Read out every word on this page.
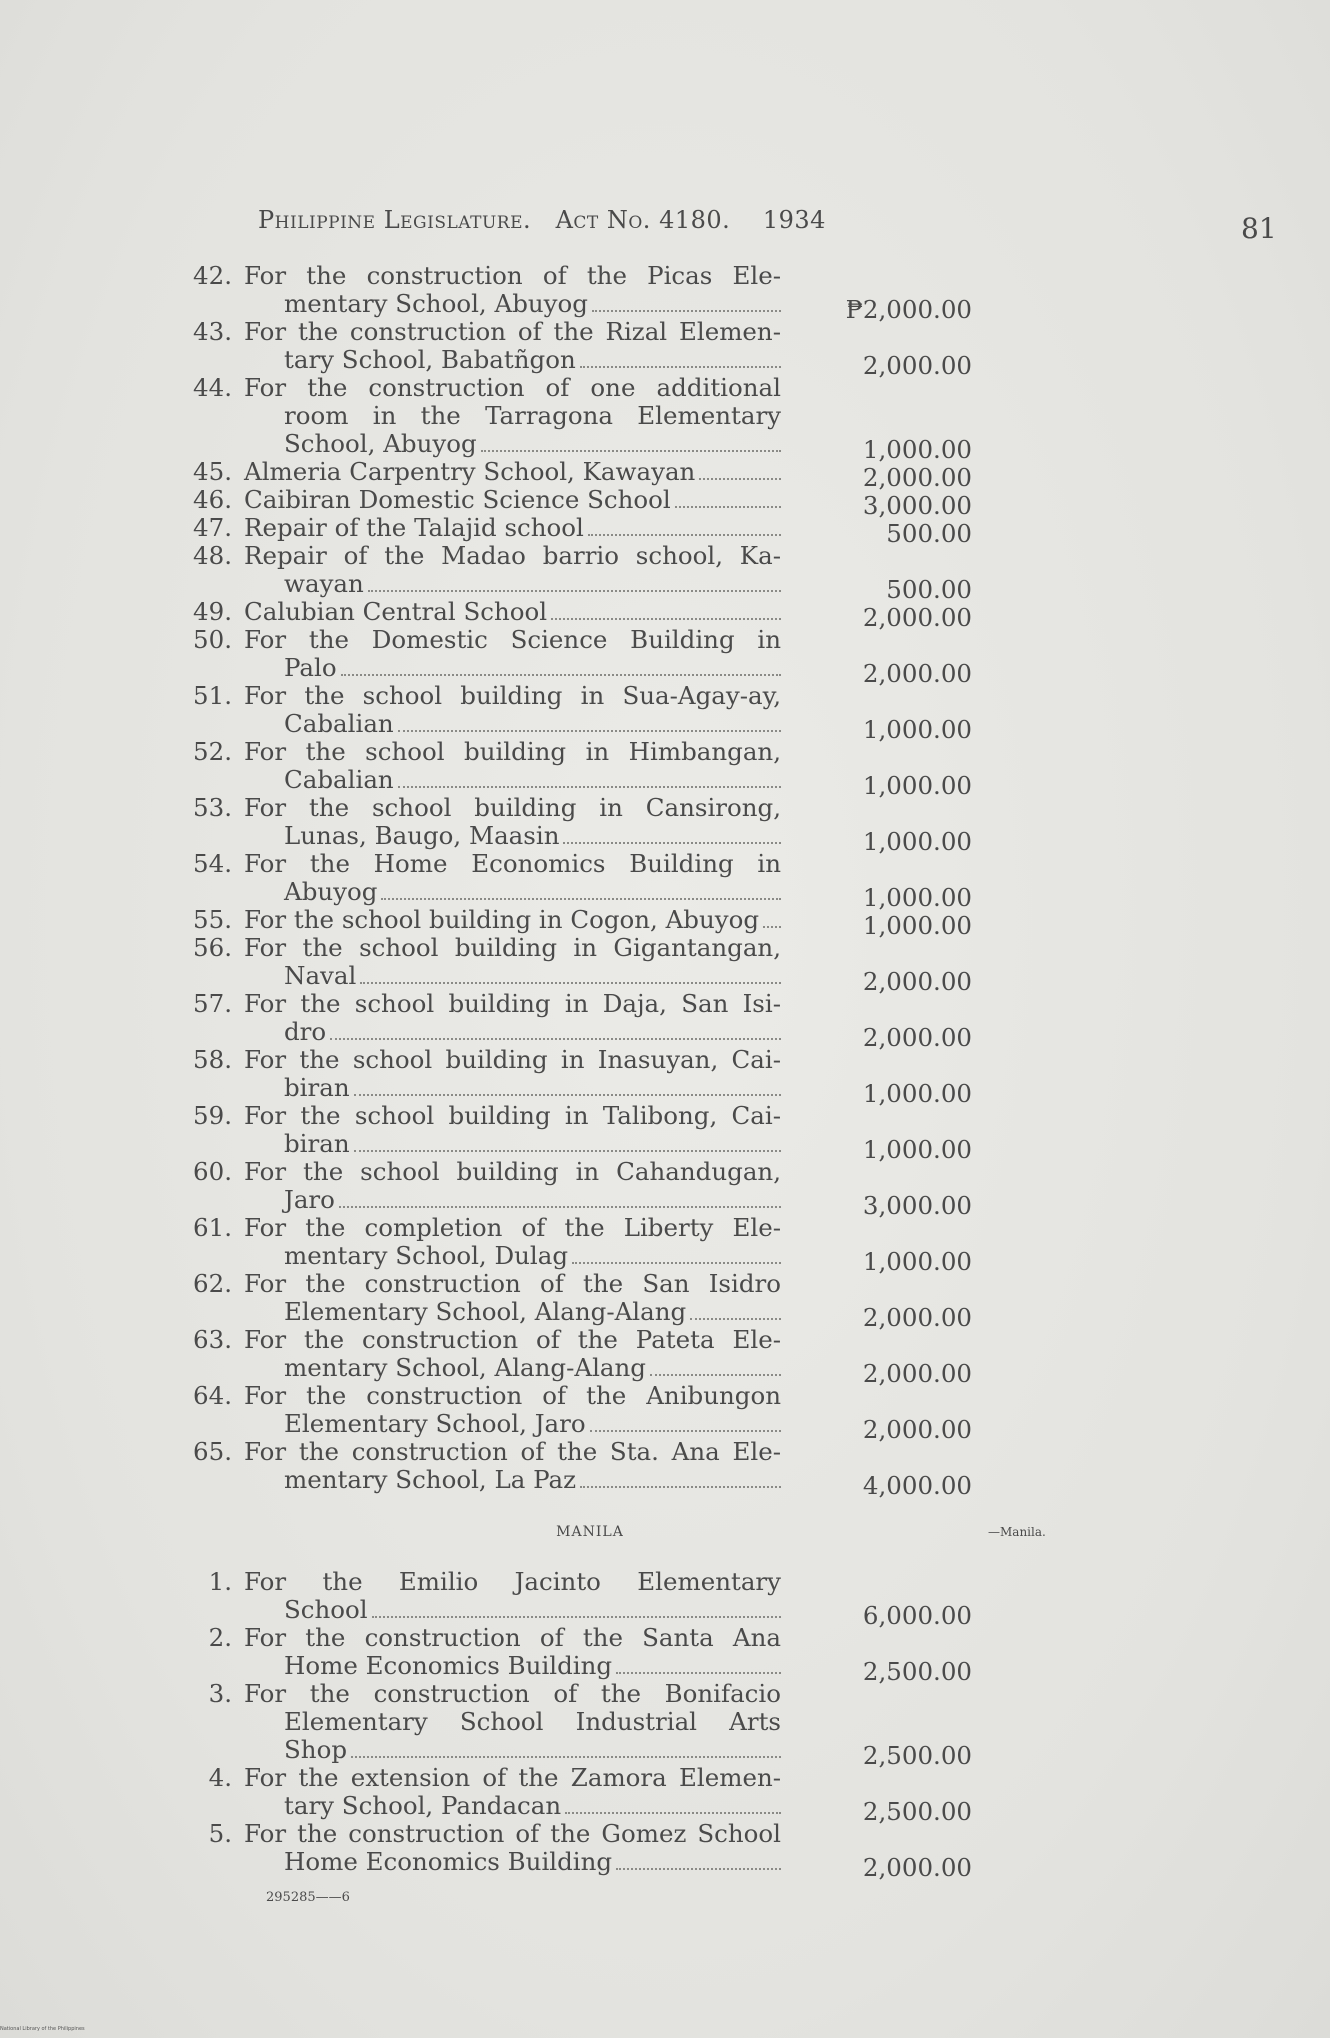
Philippine Legislature. Act No. 4180. 1934	81
42. For the construction of the Picas Ele-
mentary School, Abuyog	₱2,000.00
43. For the construction of the Rizal Elemen-
tary School, Babatñgon	2,000.00
44. For the construction of one additional
room in the Tarragona Elementary
School, Abuyog	1,000.00
45. Almeria Carpentry School, Kawayan	2,000.00
46. Caibiran Domestic Science School	3,000.00
47. Repair of the Talajid school	500.00
48. Repair of the Madao barrio school, Ka-
wayan	500.00
49. Calubian Central School	2,000.00
50. For the Domestic Science Building in
Palo	2,000.00
51. For the school building in Sua-Agay-ay,
Cabalian	1,000.00
52. For the school building in Himbangan,
Cabalian	1,000.00
53. For the school building in Cansirong,
Lunas, Baugo, Maasin	1,000.00
54. For the Home Economics Building in
Abuyog	1,000.00
55. For the school building in Cogon, Abuyog	1,000.00
56. For the school building in Gigantangan,
Naval	2,000.00
57. For the school building in Daja, San Isi-
dro	2,000.00
58. For the school building in Inasuyan, Cai-
biran	1,000.00
59. For the school building in Talibong, Cai-
biran	1,000.00
60. For the school building in Cahandugan,
Jaro	3,000.00
61. For the completion of the Liberty Ele-
mentary School, Dulag	1,000.00
62. For the construction of the San Isidro
Elementary School, Alang-Alang	2,000.00
63. For the construction of the Pateta Ele-
mentary School, Alang-Alang	2,000.00
64. For the construction of the Anibungon
Elementary School, Jaro	2,000.00
65. For the construction of the Sta. Ana Ele-
mentary School, La Paz	4,000.00
1. For the Emilio Jacinto Elementary
School	6,000.00
2. For the construction of the Santa Ana
Home Economics Building	2,500.00
3. For the construction of the Bonifacio
Elementary School Industrial Arts
Shop	2,500.00
4. For the extension of the Zamora Elemen-
tary School, Pandacan	2,500.00
5. For the construction of the Gomez School
Home Economics Building	2,000.00
MANILA	—Manila.
295285——6
National Library of the Philippines
